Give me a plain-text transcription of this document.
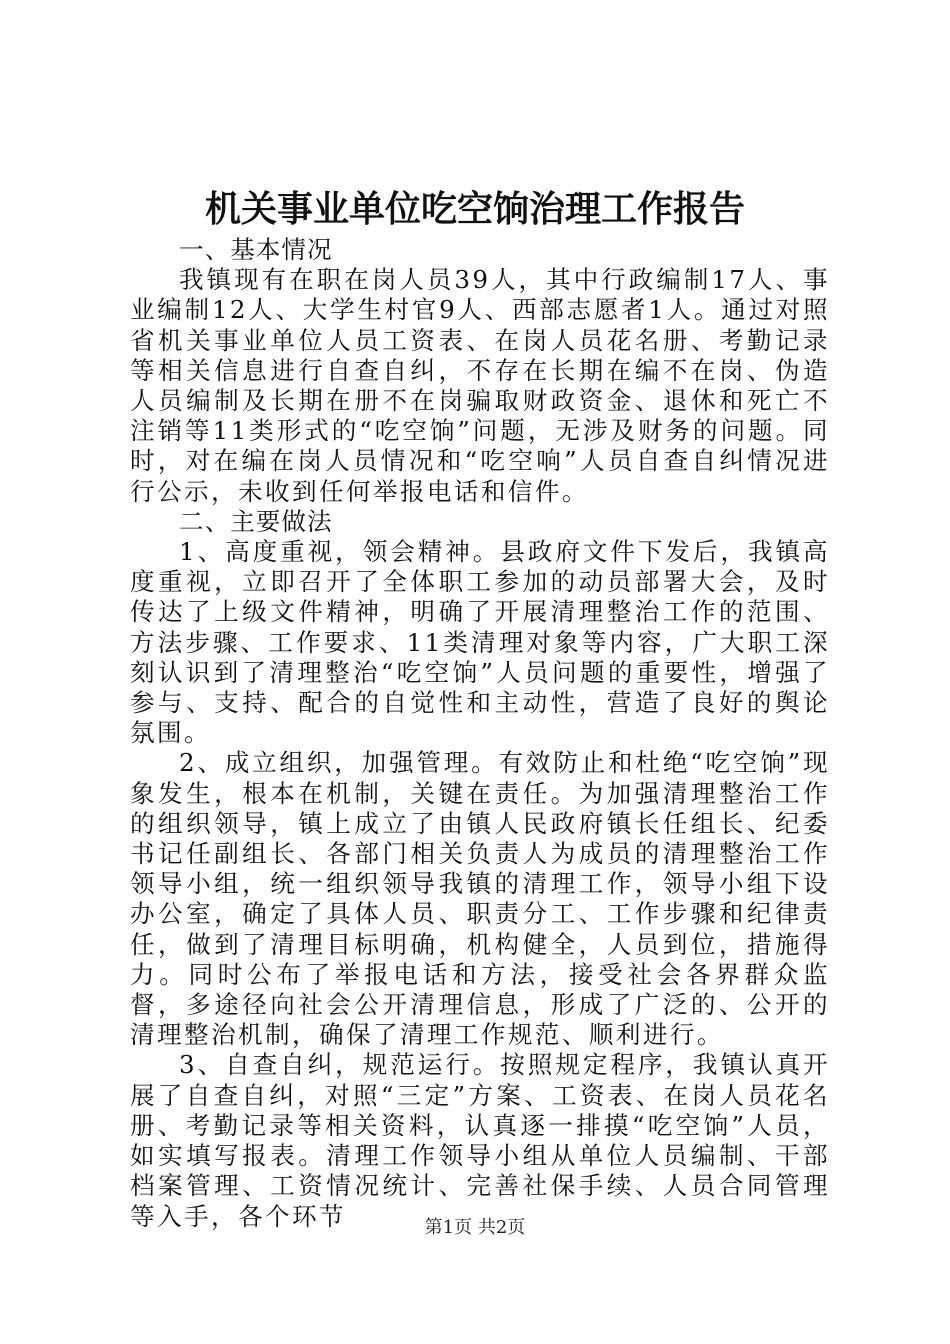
机关事业单位吃空饷治理工作报告

一、基本情况

我镇现有在职在岗人员39人，其中行政编制17人、事业编制12人、大学生村官9人、西部志愿者1人。通过对照省机关事业单位人员工资表、在岗人员花名册、考勤记录等相关信息进行自查自纠，不存在长期在编不在岗、伪造人员编制及长期在册不在岗骗取财政资金、退休和死亡不注销等11类形式的“吃空饷”问题，无涉及财务的问题。同时，对在编在岗人员情况和“吃空响”人员自查自纠情况进行公示，未收到任何举报电话和信件。

二、主要做法

1、高度重视，领会精神。县政府文件下发后，我镇高度重视，立即召开了全体职工参加的动员部署大会，及时传达了上级文件精神，明确了开展清理整治工作的范围、方法步骤、工作要求、11类清理对象等内容，广大职工深刻认识到了清理整治“吃空饷”人员问题的重要性，增强了参与、支持、配合的自觉性和主动性，营造了良好的舆论氛围。

2、成立组织，加强管理。有效防止和杜绝“吃空饷”现象发生，根本在机制，关键在责任。为加强清理整治工作的组织领导，镇上成立了由镇人民政府镇长任组长、纪委书记任副组长、各部门相关负责人为成员的清理整治工作领导小组，统一组织领导我镇的清理工作，领导小组下设办公室，确定了具体人员、职责分工、工作步骤和纪律责任，做到了清理目标明确，机构健全，人员到位，措施得力。同时公布了举报电话和方法，接受社会各界群众监督，多途径向社会公开清理信息，形成了广泛的、公开的清理整治机制，确保了清理工作规范、顺利进行。

3、自查自纠，规范运行。按照规定程序，我镇认真开展了自查自纠，对照“三定”方案、工资表、在岗人员花名册、考勤记录等相关资料，认真逐一排摸“吃空饷”人员，如实填写报表。清理工作领导小组从单位人员编制、干部档案管理、工资情况统计、完善社保手续、人员合同管理等入手，各个环节	第1页 共2页
